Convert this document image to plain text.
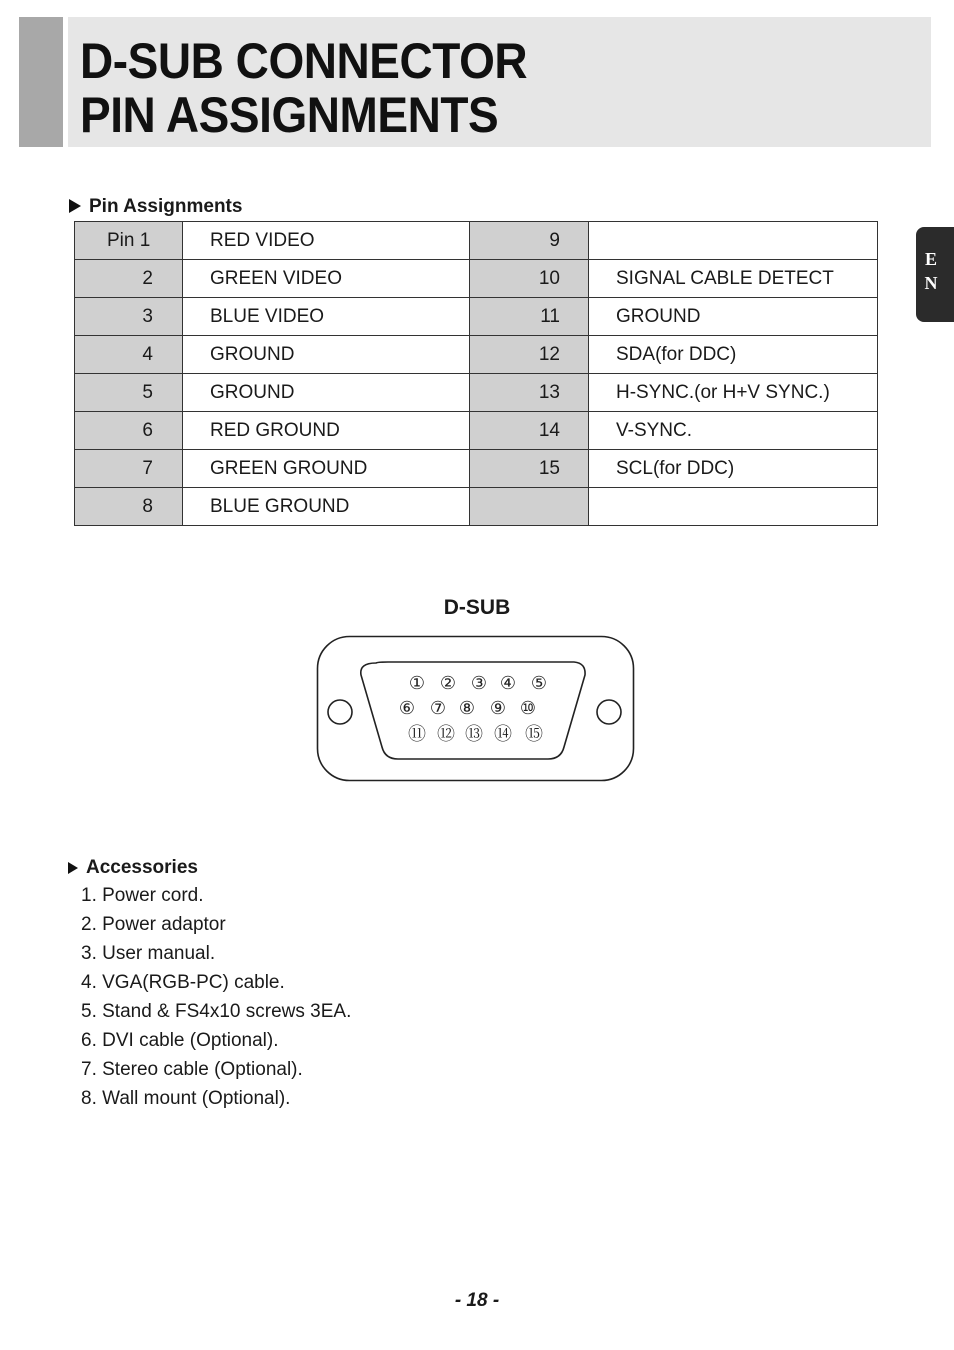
D-SUB CONNECTOR
PIN ASSIGNMENTS
E
N
Pin Assignments
Pin 1	RED VIDEO	9	
2	GREEN VIDEO	10	SIGNAL CABLE DETECT
3	BLUE VIDEO	11	GROUND
4	GROUND	12	SDA(for DDC)
5	GROUND	13	H-SYNC.(or H+V SYNC.)
6	RED GROUND	14	V-SYNC.
7	GREEN GROUND	15	SCL(for DDC)
8	BLUE GROUND		
D-SUB
① ② ③ ④ ⑤
⑥ ⑦ ⑧ ⑨ ⑩
⑪ ⑫ ⑬ ⑭ ⑮
Accessories
1. Power cord.
2. Power adaptor
3. User manual.
4. VGA(RGB-PC) cable.
5. Stand & FS4x10 screws 3EA.
6. DVI cable (Optional).
7. Stereo cable (Optional).
8. Wall mount (Optional).
- 18 -
